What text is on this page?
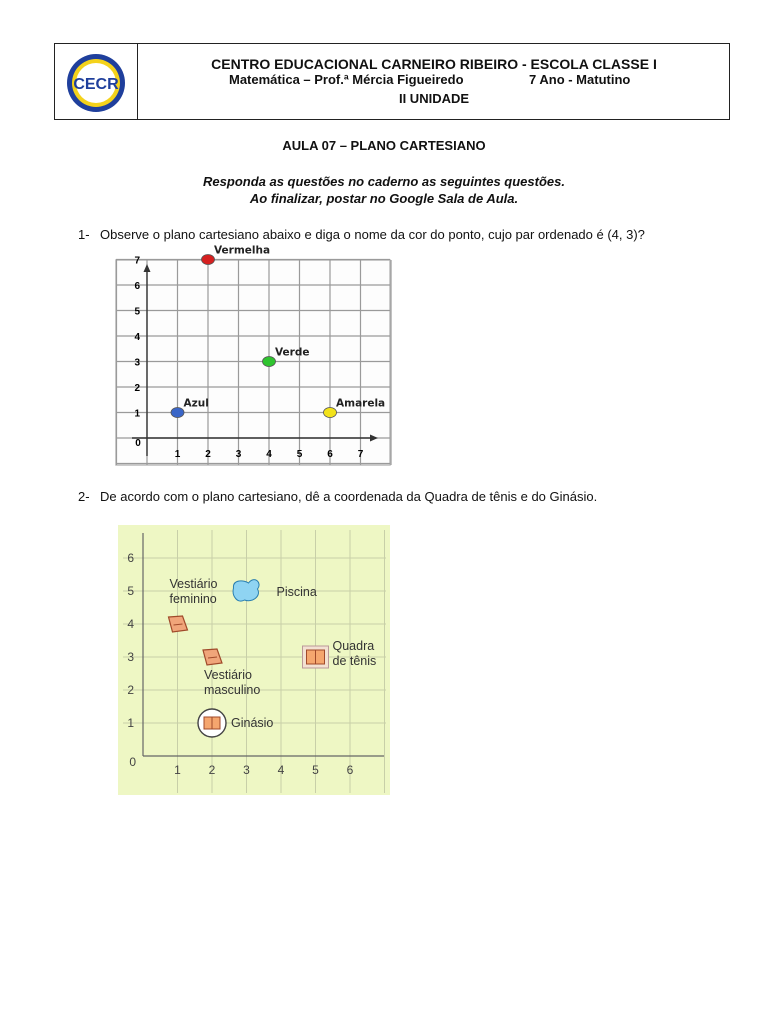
CECR
CENTRO EDUCACIONAL CARNEIRO RIBEIRO - ESCOLA CLASSE I
Matemática – Prof.ª Mércia Figueiredo	7 Ano - Matutino
II UNIDADE
AULA 07 – PLANO CARTESIANO
Responda as questões no caderno as seguintes questões.
Ao finalizar, postar no Google Sala de Aula.
1- Observe o plano cartesiano abaixo e diga o nome da cor do ponto, cujo par ordenado é (4, 3)?
1 2 3 4 5 6 7
1
2
3
4
5
6
7
0
Vermelha
Verde
Azul	Amarela
2- De acordo com o plano cartesiano, dê a coordenada da Quadra de tênis e do Ginásio.
1 2 3 4 5 6
1
2
3
4
5
6
0
Vestiário feminino	Piscina
Vestiário masculino
Quadra de tênis
Ginásio
